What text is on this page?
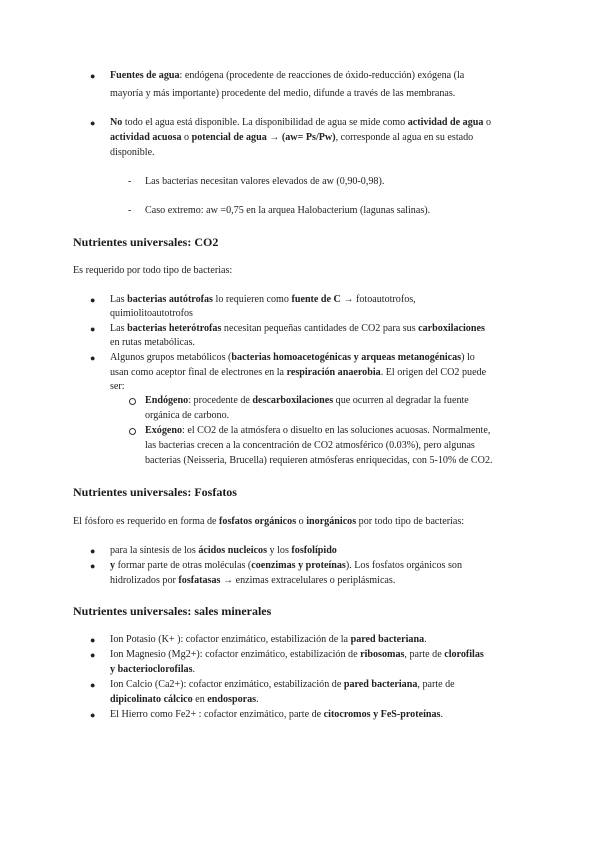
● Fuentes de agua: endógena (procedente de reacciones de óxido-reducción) exógena (la
mayoría y más importante) procedente del medio, difunde a través de las membranas.
● No todo el agua está disponible. La disponibilidad de agua se mide como actividad de agua o
actividad acuosa o potencial de agua → (aw= Ps/Pw), corresponde al agua en su estado
disponible.
- Las bacterias necesitan valores elevados de aw (0,90-0,98).
- Caso extremo: aw =0,75 en la arquea Halobacterium (lagunas salinas).
Nutrientes universales: CO2
Es requerido por todo tipo de bacterias:
● Las bacterias autótrofas lo requieren como fuente de C → fotoautotrofos,
quimiolitoautotrofos
● Las bacterias heterótrofas necesitan pequeñas cantidades de CO2 para sus carboxilaciones
en rutas metabólicas.
● Algunos grupos metabólicos (bacterias homoacetogénicas y arqueas metanogénicas) lo
usan como aceptor final de electrones en la respiración anaerobia. El origen del CO2 puede
ser:
Endógeno: procedente de descarboxilaciones que ocurren al degradar la fuente
orgánica de carbono.
Exógeno: el CO2 de la atmósfera o disuelto en las soluciones acuosas. Normalmente,
las bacterias crecen a la concentración de CO2 atmosférico (0.03%), pero algunas
bacterias (Neisseria, Brucella) requieren atmósferas enriquecidas, con 5-10% de CO2.
Nutrientes universales: Fosfatos
El fósforo es requerido en forma de fosfatos orgánicos o inorgánicos por todo tipo de bacterias:
● para la síntesis de los ácidos nucleicos y los fosfolípido
● y formar parte de otras moléculas (coenzimas y proteínas). Los fosfatos orgánicos son
hidrolizados por fosfatasas → enzimas extracelulares o periplásmicas.
Nutrientes universales: sales minerales
● Ion Potasio (K+ ): cofactor enzimático, estabilización de la pared bacteriana.
● Ion Magnesio (Mg2+): cofactor enzimático, estabilización de ribosomas, parte de clorofilas
y bacterioclorofilas.
● Ion Calcio (Ca2+): cofactor enzimático, estabilización de pared bacteriana, parte de
dipicolinato cálcico en endosporas.
● El Hierro como Fe2+ : cofactor enzimático, parte de citocromos y FeS-proteínas.
